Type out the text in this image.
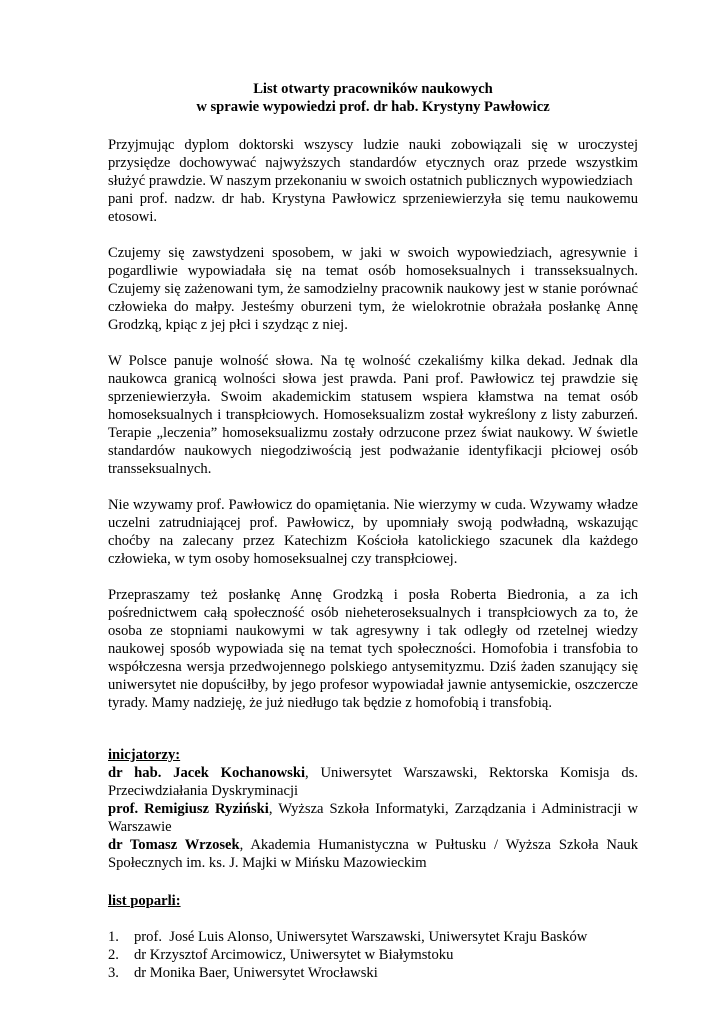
List otwarty pracowników naukowych
w sprawie wypowiedzi prof. dr hab. Krystyny Pawłowicz
Przyjmując dyplom doktorski wszyscy ludzie nauki zobowiązali się w uroczystej
przysiędze dochowywać najwyższych standardów etycznych oraz przede wszystkim
służyć prawdzie. W naszym przekonaniu w swoich ostatnich publicznych wypowiedziach
pani prof. nadzw. dr hab. Krystyna Pawłowicz sprzeniewierzyła się temu naukowemu
etosowi.
Czujemy się zawstydzeni sposobem, w jaki w swoich wypowiedziach, agresywnie i
pogardliwie wypowiadała się na temat osób homoseksualnych i transseksualnych.
Czujemy się zażenowani tym, że samodzielny pracownik naukowy jest w stanie porównać
człowieka do małpy. Jesteśmy oburzeni tym, że wielokrotnie obrażała posłankę Annę
Grodzką, kpiąc z jej płci i szydząc z niej.
W Polsce panuje wolność słowa. Na tę wolność czekaliśmy kilka dekad. Jednak dla
naukowca granicą wolności słowa jest prawda. Pani prof. Pawłowicz tej prawdzie się
sprzeniewierzyła. Swoim akademickim statusem wspiera kłamstwa na temat osób
homoseksualnych i transpłciowych. Homoseksualizm został wykreślony z listy zaburzeń.
Terapie „leczenia” homoseksualizmu zostały odrzucone przez świat naukowy. W świetle
standardów naukowych niegodziwością jest podważanie identyfikacji płciowej osób
transseksualnych.
Nie wzywamy prof. Pawłowicz do opamiętania. Nie wierzymy w cuda. Wzywamy władze
uczelni zatrudniającej prof. Pawłowicz, by upomniały swoją podwładną, wskazując
choćby na zalecany przez Katechizm Kościoła katolickiego szacunek dla każdego
człowieka, w tym osoby homoseksualnej czy transpłciowej.
Przepraszamy też posłankę Annę Grodzką i posła Roberta Biedronia, a za ich
pośrednictwem całą społeczność osób nieheteroseksualnych i transpłciowych za to, że
osoba ze stopniami naukowymi w tak agresywny i tak odległy od rzetelnej wiedzy
naukowej sposób wypowiada się na temat tych społeczności. Homofobia i transfobia to
współczesna wersja przedwojennego polskiego antysemityzmu. Dziś żaden szanujący się
uniwersytet nie dopuściłby, by jego profesor wypowiadał jawnie antysemickie, oszczercze
tyrady. Mamy nadzieję, że już niedługo tak będzie z homofobią i transfobią.

inicjatorzy:

dr hab. Jacek Kochanowski, Uniwersytet Warszawski, Rektorska Komisja ds.
Przeciwdziałania Dyskryminacji
prof. Remigiusz Ryziński, Wyższa Szkoła Informatyki, Zarządzania i Administracji w
Warszawie
dr Tomasz Wrzosek, Akademia Humanistyczna w Pułtusku / Wyższa Szkoła Nauk
Społecznych im. ks. J. Majki w Mińsku Mazowieckim

list poparli:

1.	prof.  José Luis Alonso, Uniwersytet Warszawski, Uniwersytet Kraju Basków
2.	dr Krzysztof Arcimowicz, Uniwersytet w Białymstoku
3.	dr Monika Baer, Uniwersytet Wrocławski
